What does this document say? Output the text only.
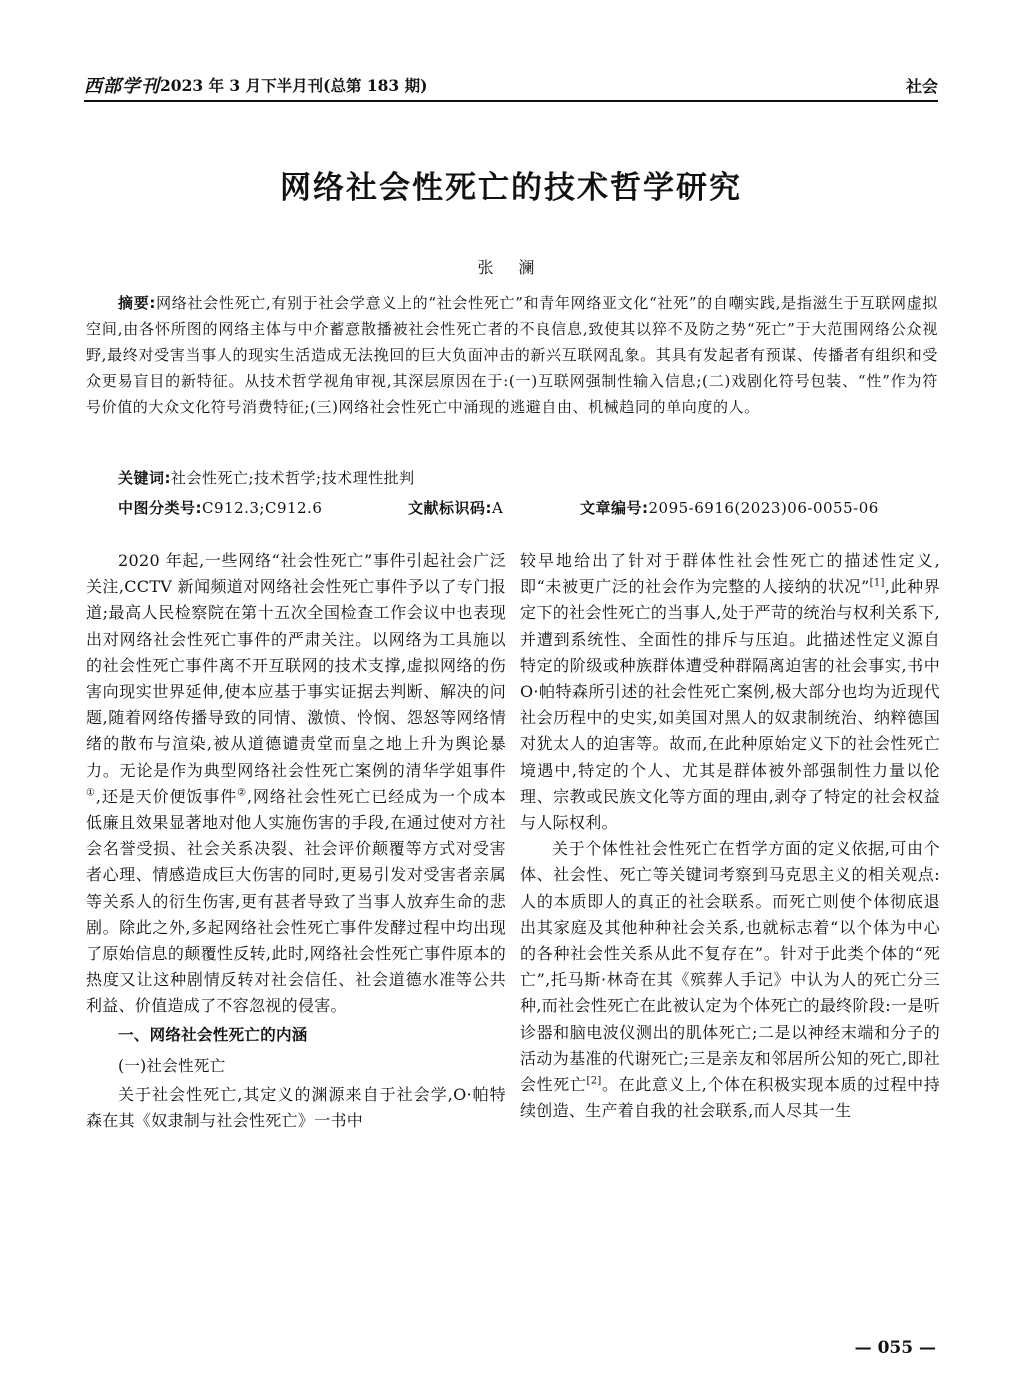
西部学刊 2023 年 3 月下半月刊(总第 183 期)	社会
网络社会性死亡的技术哲学研究
张 澜

摘要:网络社会性死亡,有别于社会学意义上的“社会性死亡”和青年网络亚文化“社死”的自嘲实践,是指滋生于互联网虚拟空间,由各怀所图的网络主体与中介蓄意散播被社会性死亡者的不良信息,致使其以猝不及防之势“死亡”于大范围网络公众视野,最终对受害当事人的现实生活造成无法挽回的巨大负面冲击的新兴互联网乱象。其具有发起者有预谋、传播者有组织和受众更易盲目的新特征。从技术哲学视角审视,其深层原因在于:(一)互联网强制性输入信息;(二)戏剧化符号包装、“性”作为符号价值的大众文化符号消费特征;(三)网络社会性死亡中涌现的逃避自由、机械趋同的单向度的人。

关键词:社会性死亡;技术哲学;技术理性批判
中图分类号:C912.3;C912.6	文献标识码:A	文章编号:2095-6916(2023)06-0055-06

2020 年起,一些网络“社会性死亡”事件引起社会广泛关注,CCTV 新闻频道对网络社会性死亡事件予以了专门报道;最高人民检察院在第十五次全国检查工作会议中也表现出对网络社会性死亡事件的严肃关注。以网络为工具施以的社会性死亡事件离不开互联网的技术支撑,虚拟网络的伤害向现实世界延伸,使本应基于事实证据去判断、解决的问题,随着网络传播导致的同情、激愤、怜悯、怨怒等网络情绪的散布与渲染,被从道德谴责堂而皇之地上升为舆论暴力。无论是作为典型网络社会性死亡案例的清华学姐事件①,还是天价便饭事件②,网络社会性死亡已经成为一个成本低廉且效果显著地对他人实施伤害的手段,在通过使对方社会名誉受损、社会关系决裂、社会评价颠覆等方式对受害者心理、情感造成巨大伤害的同时,更易引发对受害者亲属等关系人的衍生伤害,更有甚者导致了当事人放弃生命的悲剧。除此之外,多起网络社会性死亡事件发酵过程中均出现了原始信息的颠覆性反转,此时,网络社会性死亡事件原本的热度又让这种剧情反转对社会信任、社会道德水准等公共利益、价值造成了不容忽视的侵害。

一、网络社会性死亡的内涵
(一)社会性死亡

关于社会性死亡,其定义的渊源来自于社会学,O·帕特森在其《奴隶制与社会性死亡》一书中

较早地给出了针对于群体性社会性死亡的描述性定义,即“未被更广泛的社会作为完整的人接纳的状况”[1],此种界定下的社会性死亡的当事人,处于严苛的统治与权利关系下,并遭到系统性、全面性的排斥与压迫。此描述性定义源自特定的阶级或种族群体遭受种群隔离迫害的社会事实,书中O·帕特森所引述的社会性死亡案例,极大部分也均为近现代社会历程中的史实,如美国对黑人的奴隶制统治、纳粹德国对犹太人的迫害等。故而,在此种原始定义下的社会性死亡境遇中,特定的个人、尤其是群体被外部强制性力量以伦理、宗教或民族文化等方面的理由,剥夺了特定的社会权益与人际权利。

关于个体性社会性死亡在哲学方面的定义依据,可由个体、社会性、死亡等关键词考察到马克思主义的相关观点:人的本质即人的真正的社会联系。而死亡则使个体彻底退出其家庭及其他种种社会关系,也就标志着“以个体为中心的各种社会性关系从此不复存在”。针对于此类个体的“死亡”,托马斯·林奇在其《殡葬人手记》中认为人的死亡分三种,而社会性死亡在此被认定为个体死亡的最终阶段:一是听诊器和脑电波仪测出的肌体死亡;二是以神经末端和分子的活动为基准的代谢死亡;三是亲友和邻居所公知的死亡,即社会性死亡[2]。在此意义上,个体在积极实现本质的过程中持续创造、生产着自我的社会联系,而人尽其一生

— 055 —
